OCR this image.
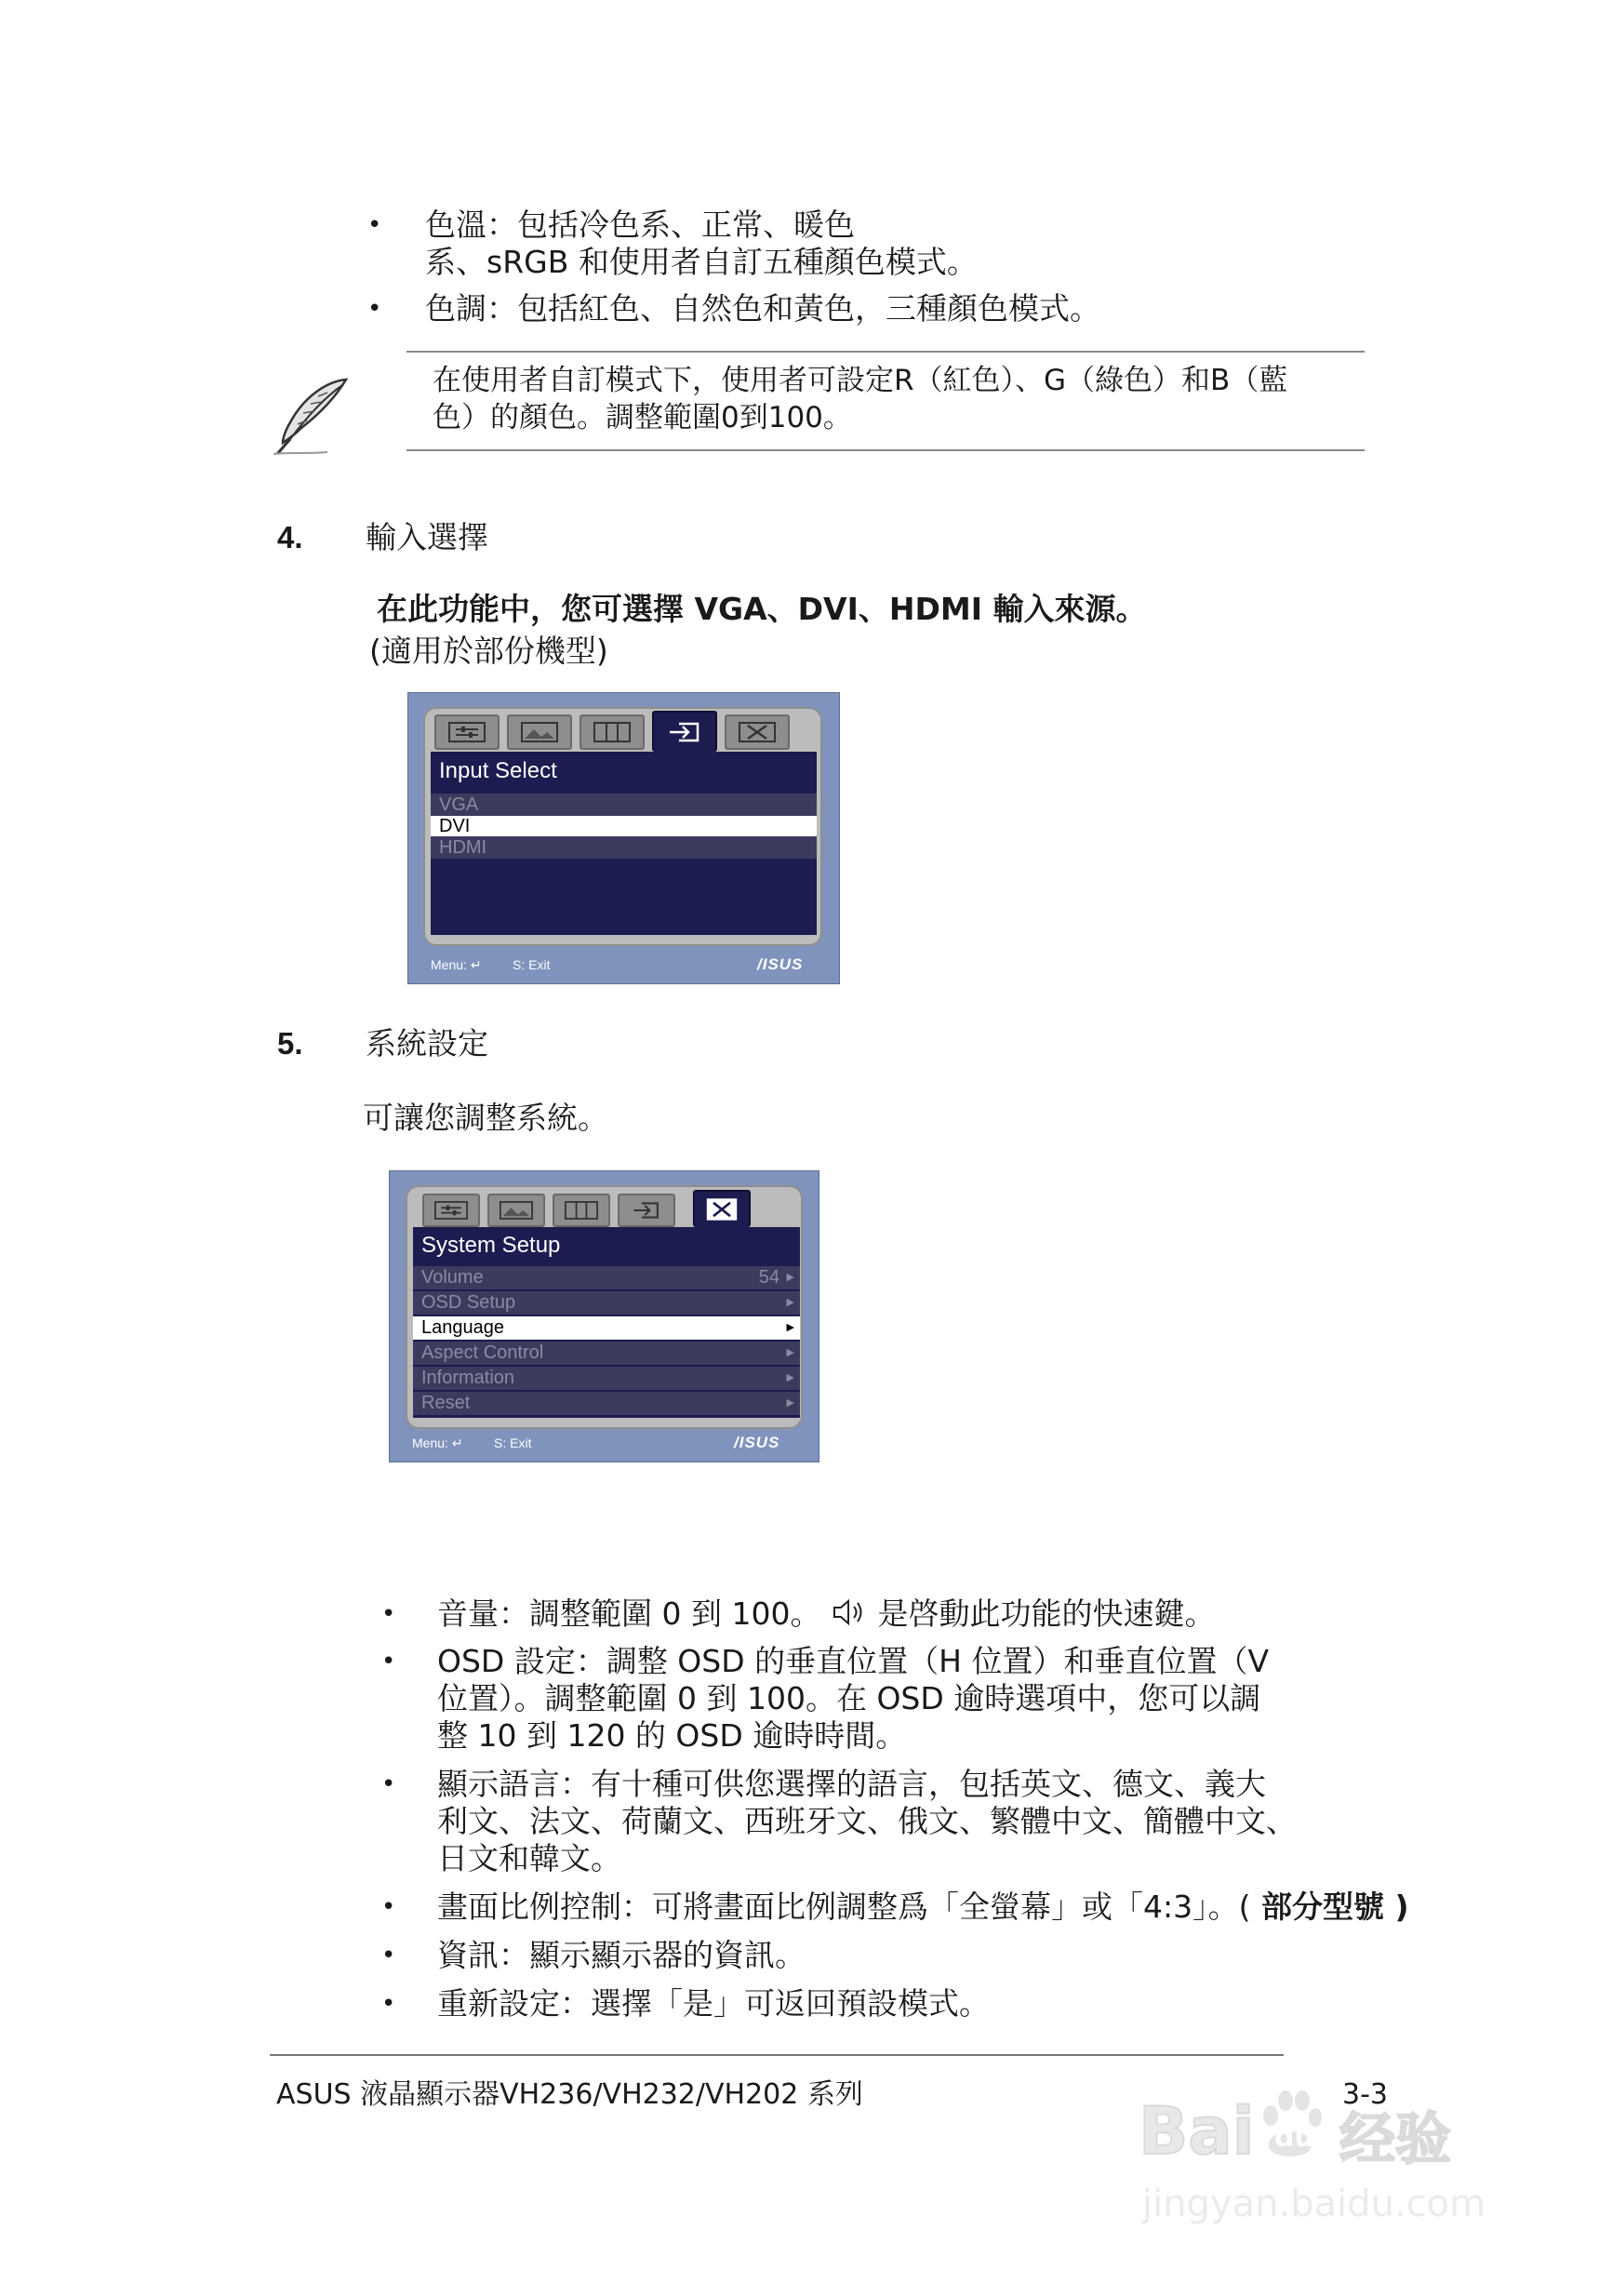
• 色溫：包括冷色系、正常、暖色
系、sRGB 和使用者自訂五種顏色模式。
• 色調：包括紅色、自然色和黃色，三種顏色模式。
在使用者自訂模式下，使用者可設定R（紅色）、G（綠色）和B（藍
色）的顏色。調整範圍0到100。
4. 輸入選擇
在此功能中，您可選擇 VGA、DVI、HDMI 輸入來源。
(適用於部份機型)
Input Select
VGA
DVI
HDMI
Menu: ↵ S: Exit	/ISUS
5. 系統設定
可讓您調整系統。
System Setup
Volume	54 ▶
OSD Setup	▶
Language	▶
Aspect Control	▶
Information	▶
Reset	▶
Menu: ↵ S: Exit	/ISUS
• 音量：調整範圍 0 到 100。 是啓動此功能的快速鍵。
• OSD 設定：調整 OSD 的垂直位置（H 位置）和垂直位置（V
位置）。調整範圍 0 到 100。在 OSD 逾時選項中，您可以調
整 10 到 120 的 OSD 逾時時間。
• 顯示語言：有十種可供您選擇的語言，包括英文、德文、義大
利文、法文、荷蘭文、西班牙文、俄文、繁體中文、簡體中文、
日文和韓文。
• 畫面比例控制：可將畫面比例調整爲「全螢幕」或「4:3」。( 部分型號 )
• 資訊：顯示顯示器的資訊。
• 重新設定：選擇「是」可返回預設模式。
ASUS 液晶顯示器VH236/VH232/VH202 系列	3-3
Bai du 经验
jingyan.baidu.com
